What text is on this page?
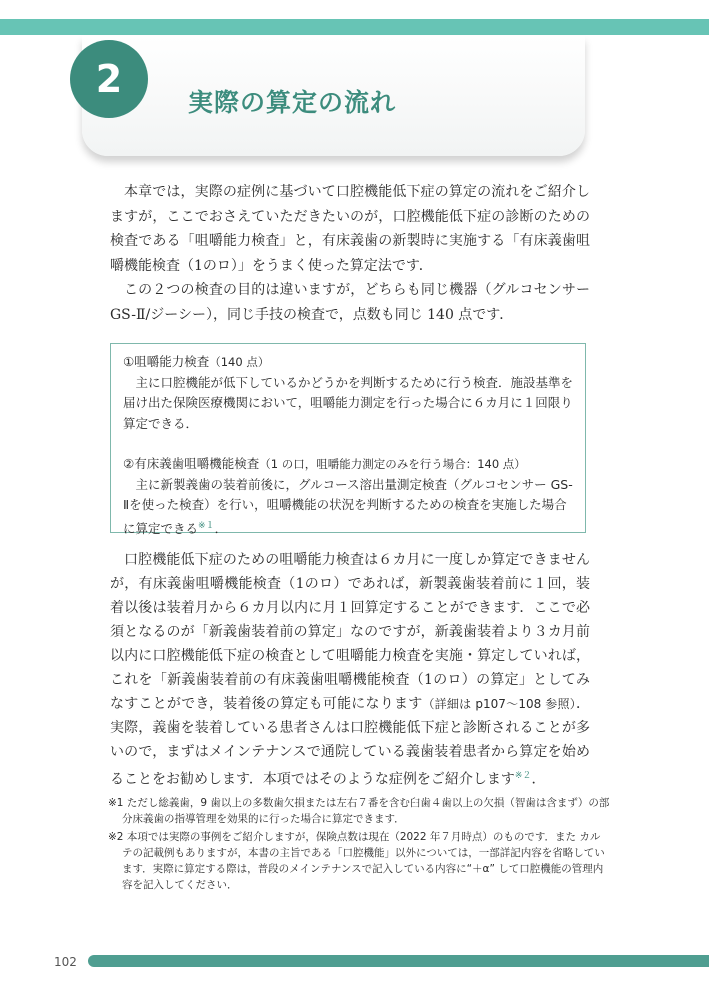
2
実際の算定の流れ

本章では，実際の症例に基づいて口腔機能低下症の算定の流れをご紹介しますが，ここでおさえていただきたいのが，口腔機能低下症の診断のための検査である「咀嚼能力検査」と，有床義歯の新製時に実施する「有床義歯咀嚼機能検査（1のロ）」をうまく使った算定法です．

この２つの検査の目的は違いますが，どちらも同じ機器（グルコセンサー GS-Ⅱ/ジーシー），同じ手技の検査で，点数も同じ 140 点です．

①咀嚼能力検査（140 点）

主に口腔機能が低下しているかどうかを判断するために行う検査．施設基準を届け出た保険医療機関において，咀嚼能力測定を行った場合に６カ月に１回限り算定できる．

②有床義歯咀嚼機能検査（1 の口，咀嚼能力測定のみを行う場合：140 点）

主に新製義歯の装着前後に，グルコース溶出量測定検査（グルコセンサー GS-Ⅱを使った検査）を行い，咀嚼機能の状況を判断するための検査を実施した場合に算定できる$^{※1}$．

口腔機能低下症のための咀嚼能力検査は６カ月に一度しか算定できませんが，有床義歯咀嚼機能検査（1のロ）であれば，新製義歯装着前に１回，装着以後は装着月から６カ月以内に月１回算定することができます．ここで必須となるのが「新義歯装着前の算定」なのですが，新義歯装着より３カ月前以内に口腔機能低下症の検査として咀嚼能力検査を実施・算定していれば，これを「新義歯装着前の有床義歯咀嚼機能検査（1のロ）の算定」としてみなすことができ，装着後の算定も可能になります（詳細は p107〜108 参照）．実際，義歯を装着している患者さんは口腔機能低下症と診断されることが多いので，まずはメインテナンスで通院している義歯装着患者から算定を始めることをお勧めします．本項ではそのような症例をご紹介します$^{※2}$．

※1 ただし総義歯，9 歯以上の多数歯欠損または左右７番を含む臼歯４歯以上の欠損（智歯は含まず）の部分床義歯の指導管理を効果的に行った場合に算定できます．
※2 本項では実際の事例をご紹介しますが，保険点数は現在（2022 年７月時点）のものです．また カルテの記載例もありますが，本書の主旨である「口腔機能」以外については，一部詳記内容を省略しています．実際に算定する際は，普段のメインテナンスで記入している内容に“＋α” して口腔機能の管理内容を記入してください．
102
